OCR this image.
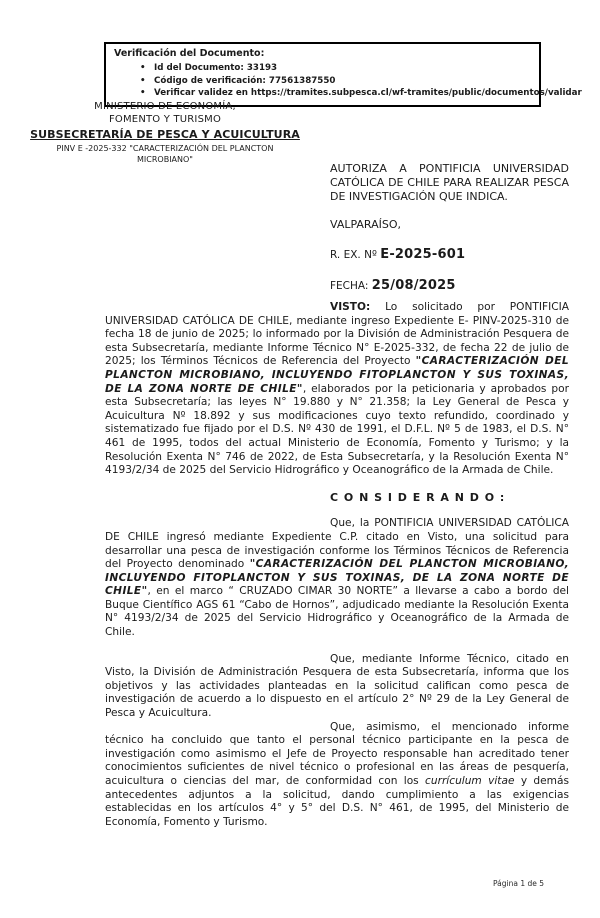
Verificación del Documento:
• Id del Documento: 33193
• Código de verificación: 77561387550
• Verificar validez en https://tramites.subpesca.cl/wf-tramites/public/documentos/validar
MINISTERIO DE ECONOMÍA,
FOMENTO Y TURISMO
SUBSECRETARÍA DE PESCA Y ACUICULTURA
PINV E -2025-332 "CARACTERIZACIÓN DEL PLANCTON MICROBIANO"
AUTORIZA A PONTIFICIA UNIVERSIDAD CATÓLICA DE CHILE PARA REALIZAR PESCA DE INVESTIGACIÓN QUE INDICA.
VALPARAÍSO,
R. EX. Nº E-2025-601
FECHA: 25/08/2025

VISTO: Lo solicitado por PONTIFICIA UNIVERSIDAD CATÓLICA DE CHILE, mediante ingreso Expediente E- PINV-2025-310 de fecha 18 de junio de 2025; lo informado por la División de Administración Pesquera de esta Subsecretaría, mediante Informe Técnico N° E-2025-332, de fecha 22 de julio de 2025; los Términos Técnicos de Referencia del Proyecto "CARACTERIZACIÓN DEL PLANCTON MICROBIANO, INCLUYENDO FITOPLANCTON Y SUS TOXINAS, DE LA ZONA NORTE DE CHILE", elaborados por la peticionaria y aprobados por esta Subsecretaría; las leyes N° 19.880 y N° 21.358; la Ley General de Pesca y Acuicultura Nº 18.892 y sus modificaciones cuyo texto refundido, coordinado y sistematizado fue fijado por el D.S. Nº 430 de 1991, el D.F.L. Nº 5 de 1983, el D.S. N° 461 de 1995, todos del actual Ministerio de Economía, Fomento y Turismo; y la Resolución Exenta N° 746 de 2022, de Esta Subsecretaría, y la Resolución Exenta N° 4193/2/34 de 2025 del Servicio Hidrográfico y Oceanográfico de la Armada de Chile.

C O N S I D E R A N D O :

Que, la PONTIFICIA UNIVERSIDAD CATÓLICA DE CHILE ingresó mediante Expediente C.P. citado en Visto, una solicitud para desarrollar una pesca de investigación conforme los Términos Técnicos de Referencia del Proyecto denominado "CARACTERIZACIÓN DEL PLANCTON MICROBIANO, INCLUYENDO FITOPLANCTON Y SUS TOXINAS, DE LA ZONA NORTE DE CHILE", en el marco “ CRUZADO CIMAR 30 NORTE” a llevarse a cabo a bordo del Buque Científico AGS 61 “Cabo de Hornos”, adjudicado mediante la Resolución Exenta N° 4193/2/34 de 2025 del Servicio Hidrográfico y Oceanográfico de la Armada de Chile.

Que, mediante Informe Técnico, citado en Visto, la División de Administración Pesquera de esta Subsecretaría, informa que los objetivos y las actividades planteadas en la solicitud califican como pesca de investigación de acuerdo a lo dispuesto en el artículo 2° Nº 29 de la Ley General de Pesca y Acuicultura.

Que, asimismo, el mencionado informe técnico ha concluido que tanto el personal técnico participante en la pesca de investigación como asimismo el Jefe de Proyecto responsable han acreditado tener conocimientos suficientes de nivel técnico o profesional en las áreas de pesquería, acuicultura o ciencias del mar, de conformidad con los currículum vitae y demás antecedentes adjuntos a la solicitud, dando cumplimiento a las exigencias establecidas en los artículos 4° y 5° del D.S. N° 461, de 1995, del Ministerio de Economía, Fomento y Turismo.

Página 1 de 5
